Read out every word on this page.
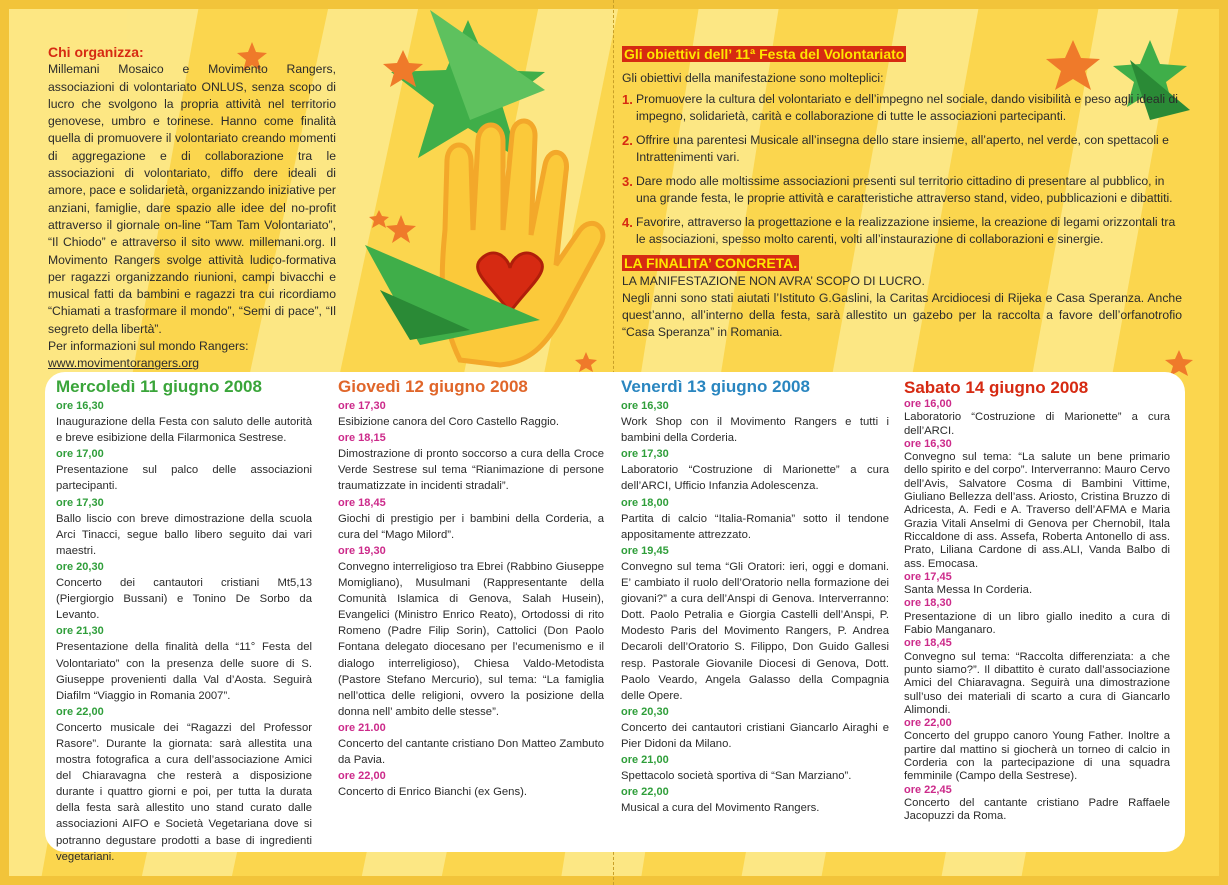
Chi organizza:
Millemani Mosaico e Movimento Rangers, associazioni di volontariato ONLUS, senza scopo di lucro che svolgono la propria attività nel territorio genovese, umbro e torinese. Hanno come finalità quella di promuovere il volontariato creando momenti di aggregazione e di collaborazione tra le associazioni di volontariato, diffo dere ideali di amore, pace e solidarietà, organizzando iniziative per anziani, famiglie, dare spazio alle idee del no-profit attraverso il giornale on-line “Tam Tam Volontariato”, “Il Chiodo” e attraverso il sito www. millemani.org. Il Movimento Rangers svolge attività ludico-formativa per ragazzi organizzando riunioni, campi bivacchi e musical fatti da bambini e ragazzi tra cui ricordiamo “Chiamati a trasformare il mondo”, “Semi di pace”, “Il segreto della libertà”.
Per informazioni sul mondo Rangers:
www.movimentorangers.org
Gli obiettivi dell’ 11ª Festa del Volontariato
Gli obiettivi della manifestazione sono molteplici:
1. Promuovere la cultura del volontariato e dell’impegno nel sociale, dando visibilità e peso agli ideali di impegno, solidarietà, carità e collaborazione di tutte le associazioni partecipanti.
2. Offrire una parentesi Musicale all’insegna dello stare insieme, all’aperto, nel verde, con spettacoli e Intrattenimenti vari.
3. Dare modo alle moltissime associazioni presenti sul territorio cittadino di presentare al pubblico, in una grande festa, le proprie attività e caratteristiche attraverso stand, video, pubblicazioni e dibattiti.
4. Favorire, attraverso la progettazione e la realizzazione insieme, la creazione di legami orizzontali tra le associazioni, spesso molto carenti, volti all’instaurazione di collaborazioni e sinergie.
LA FINALITA’ CONCRETA.
LA MANIFESTAZIONE NON AVRA’ SCOPO DI LUCRO.
Negli anni sono stati aiutati l’Istituto G.Gaslini, la Caritas Arcidiocesi di Rijeka e Casa Speranza. Anche quest’anno, all’interno della festa, sarà allestito un gazebo per la raccolta a favore dell’orfanotrofio “Casa Speranza” in Romania.
Mercoledì 11 giugno 2008
ore 16,30
Inaugurazione della Festa con saluto delle autorità e breve esibizione della Filarmonica Sestrese.
ore 17,00
Presentazione sul palco delle associazioni partecipanti.
ore 17,30
Ballo liscio con breve dimostrazione della scuola Arci Tinacci, segue ballo libero seguito dai vari maestri.
ore 20,30
Concerto dei cantautori cristiani Mt5,13 (Piergiorgio Bussani) e Tonino De Sorbo da Levanto.
ore 21,30
Presentazione della finalità della “11° Festa del Volontariato” con la presenza delle suore di S. Giuseppe provenienti dalla Val d’Aosta. Seguirà Diafilm “Viaggio in Romania 2007”.
ore 22,00
Concerto musicale dei “Ragazzi del Professor Rasore”. Durante la giornata: sarà allestita una mostra fotografica a cura dell’associazione Amici del Chiaravagna che resterà a disposizione durante i quattro giorni e poi, per tutta la durata della festa sarà allestito uno stand curato dalle associazioni AIFO e Società Vegetariana dove si potranno degustare prodotti a base di ingredienti vegetariani.
Giovedì 12 giugno 2008
ore 17,30
Esibizione canora del Coro Castello Raggio.
ore 18,15
Dimostrazione di pronto soccorso a cura della Croce Verde Sestrese sul tema “Rianimazione di persone traumatizzate in incidenti stradali”.
ore 18,45
Giochi di prestigio per i bambini della Corderia, a cura del “Mago Milord”.
ore 19,30
Convegno interreligioso tra Ebrei (Rabbino Giuseppe Momigliano), Musulmani (Rappresentante della Comunità Islamica di Genova, Salah Husein), Evangelici (Ministro Enrico Reato), Ortodossi di rito Romeno (Padre Filip Sorin), Cattolici (Don Paolo Fontana delegato diocesano per l’ecumenismo e il dialogo interreligioso), Chiesa Valdo-Metodista (Pastore Stefano Mercurio), sul tema: “La famiglia nell’ottica delle religioni, ovvero la posizione della donna nell’ ambito delle stesse”.
ore 21.00
Concerto del cantante cristiano Don Matteo Zambuto da Pavia.
ore 22,00
Concerto di Enrico Bianchi (ex Gens).
Venerdì 13 giugno 2008
ore 16,30
Work Shop con il Movimento Rangers e tutti i bambini della Corderia.
ore 17,30
Laboratorio “Costruzione di Marionette” a cura dell’ARCI, Ufficio Infanzia Adolescenza.
ore 18,00
Partita di calcio “Italia-Romania” sotto il tendone appositamente attrezzato.
ore 19,45
Convegno sul tema “Gli Oratori: ieri, oggi e domani. E’ cambiato il ruolo dell’Oratorio nella formazione dei giovani?” a cura dell’Anspi di Genova. Interverranno: Dott. Paolo Petralia e Giorgia Castelli dell’Anspi, P. Modesto Paris del Movimento Rangers, P. Andrea Decaroli dell’Oratorio S. Filippo, Don Guido Gallesi resp. Pastorale Giovanile Diocesi di Genova, Dott. Paolo Veardo, Angela Galasso della Compagnia delle Opere.
ore 20,30
Concerto dei cantautori cristiani Giancarlo Airaghi e Pier Didoni da Milano.
ore 21,00
Spettacolo società sportiva di “San Marziano”.
ore 22,00
Musical a cura del Movimento Rangers.
Sabato 14 giugno 2008
ore 16,00
Laboratorio “Costruzione di Marionette” a cura dell’ARCI.
ore 16,30
Convegno sul tema: “La salute un bene primario dello spirito e del corpo”. Interverranno: Mauro Cervo dell’Avis, Salvatore Cosma di Bambini Vittime, Giuliano Bellezza dell’ass. Ariosto, Cristina Bruzzo di Adricesta, A. Fedi e A. Traverso dell’AFMA e Maria Grazia Vitali Anselmi di Genova per Chernobil, Itala Riccaldone di ass. Assefa, Roberta Antonello di ass. Prato, Liliana Cardone di ass.ALI, Vanda Balbo di ass. Emocasa.
ore 17,45
Santa Messa In Corderia.
ore 18,30
Presentazione di un libro giallo inedito a cura di Fabio Manganaro.
ore 18,45
Convegno sul tema: “Raccolta differenziata: a che punto siamo?”. Il dibattito è curato dall’associazione Amici del Chiaravagna. Seguirà una dimostrazione sull’uso dei materiali di scarto a cura di Giancarlo Alimondi.
ore 22,00
Concerto del gruppo canoro Young Father. Inoltre a partire dal mattino si giocherà un torneo di calcio in Corderia con la partecipazione di una squadra femminile (Campo della Sestrese).
ore 22,45
Concerto del cantante cristiano Padre Raffaele Jacopuzzi da Roma.
